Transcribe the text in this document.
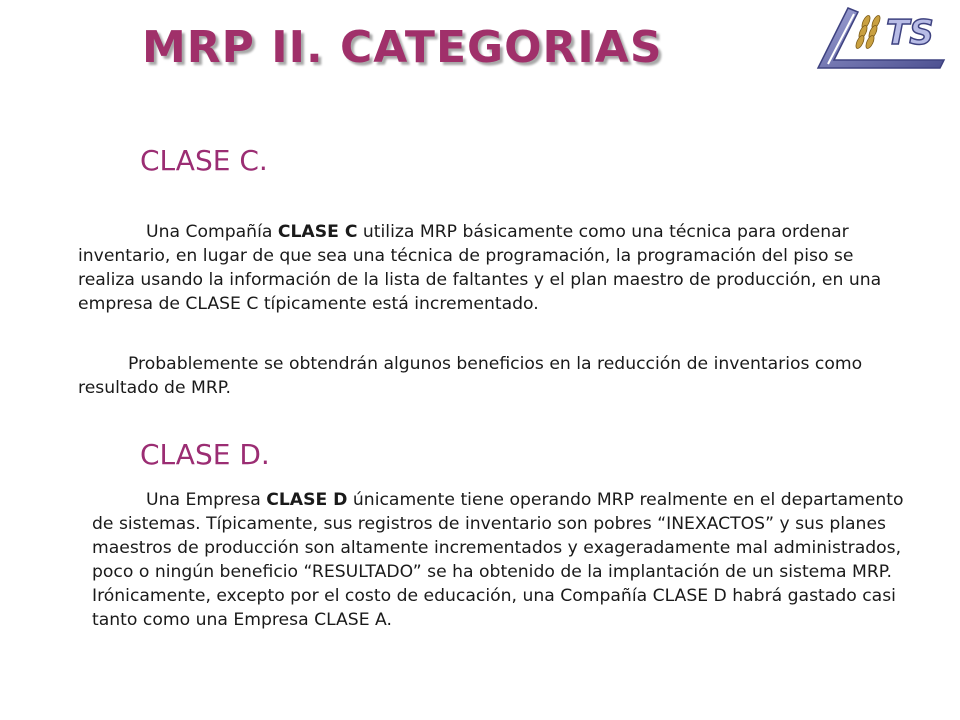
MRP II. CATEGORIAS	TS
CLASE C.

Una Compañía CLASE C utiliza MRP básicamente como una técnica para ordenar inventario, en lugar de que sea una técnica de programación, la programación del piso se realiza usando la información de la lista de faltantes y el plan maestro de producción, en una empresa de CLASE C típicamente está incrementado.

Probablemente se obtendrán algunos beneficios en la reducción de inventarios como resultado de MRP.

CLASE D.

Una Empresa CLASE D únicamente tiene operando MRP realmente en el departamento de sistemas. Típicamente, sus registros de inventario son pobres “INEXACTOS” y sus planes maestros de producción son altamente incrementados y exageradamente mal administrados, poco o ningún beneficio “RESULTADO” se ha obtenido de la implantación de un sistema MRP. Irónicamente, excepto por el costo de educación, una Compañía CLASE D habrá gastado casi tanto como una Empresa CLASE A.
